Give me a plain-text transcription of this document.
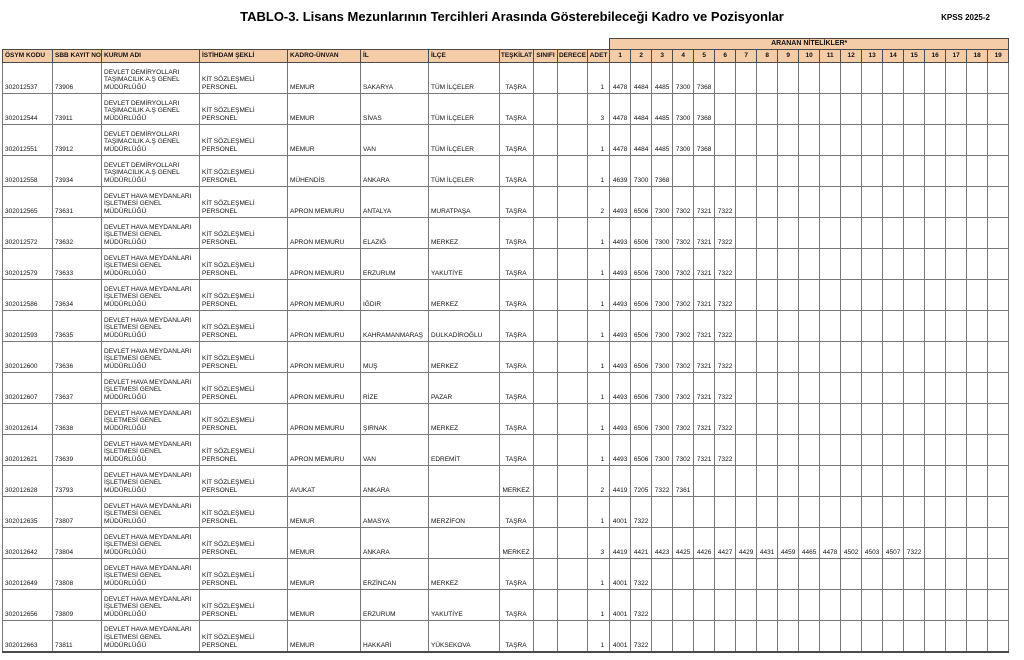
TABLO-3. Lisans Mezunlarının Tercihleri Arasında Gösterebileceği Kadro ve Pozisyonlar	KPSS 2025-2
											ARANAN NİTELİKLER*																		
ÖSYM KODU	SBB KAYIT NO	KURUM ADI	İSTİHDAM ŞEKLİ	KADRO-ÜNVAN	İL	İLÇE	TEŞKİLAT	SINIFI	DERECE	ADET	1	2	3	4	5	6	7	8	9	10	11	12	13	14	15	16	17	18	19
302012537	73906	DEVLET DEMİRYOLLARI
TAŞIMACILIK A.Ş GENEL
MÜDÜRLÜĞÜ	KİT SÖZLEŞMELİ
PERSONEL	MEMUR	SAKARYA	TÜM İLÇELER	TAŞRA			1	4478	4484	4485	7300	7368														
302012544	73911	DEVLET DEMİRYOLLARI
TAŞIMACILIK A.Ş GENEL
MÜDÜRLÜĞÜ	KİT SÖZLEŞMELİ
PERSONEL	MEMUR	SİVAS	TÜM İLÇELER	TAŞRA			3	4478	4484	4485	7300	7368														
302012551	73912	DEVLET DEMİRYOLLARI
TAŞIMACILIK A.Ş GENEL
MÜDÜRLÜĞÜ	KİT SÖZLEŞMELİ
PERSONEL	MEMUR	VAN	TÜM İLÇELER	TAŞRA			1	4478	4484	4485	7300	7368														
302012558	73934	DEVLET DEMİRYOLLARI
TAŞIMACILIK A.Ş GENEL
MÜDÜRLÜĞÜ	KİT SÖZLEŞMELİ
PERSONEL	MÜHENDİS	ANKARA	TÜM İLÇELER	TAŞRA			1	4639	7300	7368																
302012565	73631	DEVLET HAVA MEYDANLARI
İŞLETMESİ GENEL
MÜDÜRLÜĞÜ	KİT SÖZLEŞMELİ
PERSONEL	APRON MEMURU	ANTALYA	MURATPAŞA	TAŞRA			2	4493	6506	7300	7302	7321	7322													
302012572	73632	DEVLET HAVA MEYDANLARI
İŞLETMESİ GENEL
MÜDÜRLÜĞÜ	KİT SÖZLEŞMELİ
PERSONEL	APRON MEMURU	ELAZIĞ	MERKEZ	TAŞRA			1	4493	6506	7300	7302	7321	7322													
302012579	73633	DEVLET HAVA MEYDANLARI
İŞLETMESİ GENEL
MÜDÜRLÜĞÜ	KİT SÖZLEŞMELİ
PERSONEL	APRON MEMURU	ERZURUM	YAKUTİYE	TAŞRA			1	4493	6506	7300	7302	7321	7322													
302012586	73634	DEVLET HAVA MEYDANLARI
İŞLETMESİ GENEL
MÜDÜRLÜĞÜ	KİT SÖZLEŞMELİ
PERSONEL	APRON MEMURU	IĞDIR	MERKEZ	TAŞRA			1	4493	6506	7300	7302	7321	7322													
302012593	73635	DEVLET HAVA MEYDANLARI
İŞLETMESİ GENEL
MÜDÜRLÜĞÜ	KİT SÖZLEŞMELİ
PERSONEL	APRON MEMURU	KAHRAMANMARAŞ	DULKADİROĞLU	TAŞRA			1	4493	6506	7300	7302	7321	7322													
302012600	73636	DEVLET HAVA MEYDANLARI
İŞLETMESİ GENEL
MÜDÜRLÜĞÜ	KİT SÖZLEŞMELİ
PERSONEL	APRON MEMURU	MUŞ	MERKEZ	TAŞRA			1	4493	6506	7300	7302	7321	7322													
302012607	73637	DEVLET HAVA MEYDANLARI
İŞLETMESİ GENEL
MÜDÜRLÜĞÜ	KİT SÖZLEŞMELİ
PERSONEL	APRON MEMURU	RİZE	PAZAR	TAŞRA			1	4493	6506	7300	7302	7321	7322													
302012614	73638	DEVLET HAVA MEYDANLARI
İŞLETMESİ GENEL
MÜDÜRLÜĞÜ	KİT SÖZLEŞMELİ
PERSONEL	APRON MEMURU	ŞIRNAK	MERKEZ	TAŞRA			1	4493	6506	7300	7302	7321	7322													
302012621	73639	DEVLET HAVA MEYDANLARI
İŞLETMESİ GENEL
MÜDÜRLÜĞÜ	KİT SÖZLEŞMELİ
PERSONEL	APRON MEMURU	VAN	EDREMİT	TAŞRA			1	4493	6506	7300	7302	7321	7322													
302012628	73793	DEVLET HAVA MEYDANLARI
İŞLETMESİ GENEL
MÜDÜRLÜĞÜ	KİT SÖZLEŞMELİ
PERSONEL	AVUKAT	ANKARA		MERKEZ			2	4419	7205	7322	7361															
302012635	73807	DEVLET HAVA MEYDANLARI
İŞLETMESİ GENEL
MÜDÜRLÜĞÜ	KİT SÖZLEŞMELİ
PERSONEL	MEMUR	AMASYA	MERZİFON	TAŞRA			1	4001	7322																	
302012642	73804	DEVLET HAVA MEYDANLARI
İŞLETMESİ GENEL
MÜDÜRLÜĞÜ	KİT SÖZLEŞMELİ
PERSONEL	MEMUR	ANKARA		MERKEZ			3	4419	4421	4423	4425	4426	4427	4429	4431	4459	4465	4478	4502	4503	4507	7322				
302012649	73808	DEVLET HAVA MEYDANLARI
İŞLETMESİ GENEL
MÜDÜRLÜĞÜ	KİT SÖZLEŞMELİ
PERSONEL	MEMUR	ERZİNCAN	MERKEZ	TAŞRA			1	4001	7322																	
302012656	73809	DEVLET HAVA MEYDANLARI
İŞLETMESİ GENEL
MÜDÜRLÜĞÜ	KİT SÖZLEŞMELİ
PERSONEL	MEMUR	ERZURUM	YAKUTİYE	TAŞRA			1	4001	7322																	
302012663	73811	DEVLET HAVA MEYDANLARI
İŞLETMESİ GENEL
MÜDÜRLÜĞÜ	KİT SÖZLEŞMELİ
PERSONEL	MEMUR	HAKKARİ	YÜKSEKOVA	TAŞRA			1	4001	7322																	
